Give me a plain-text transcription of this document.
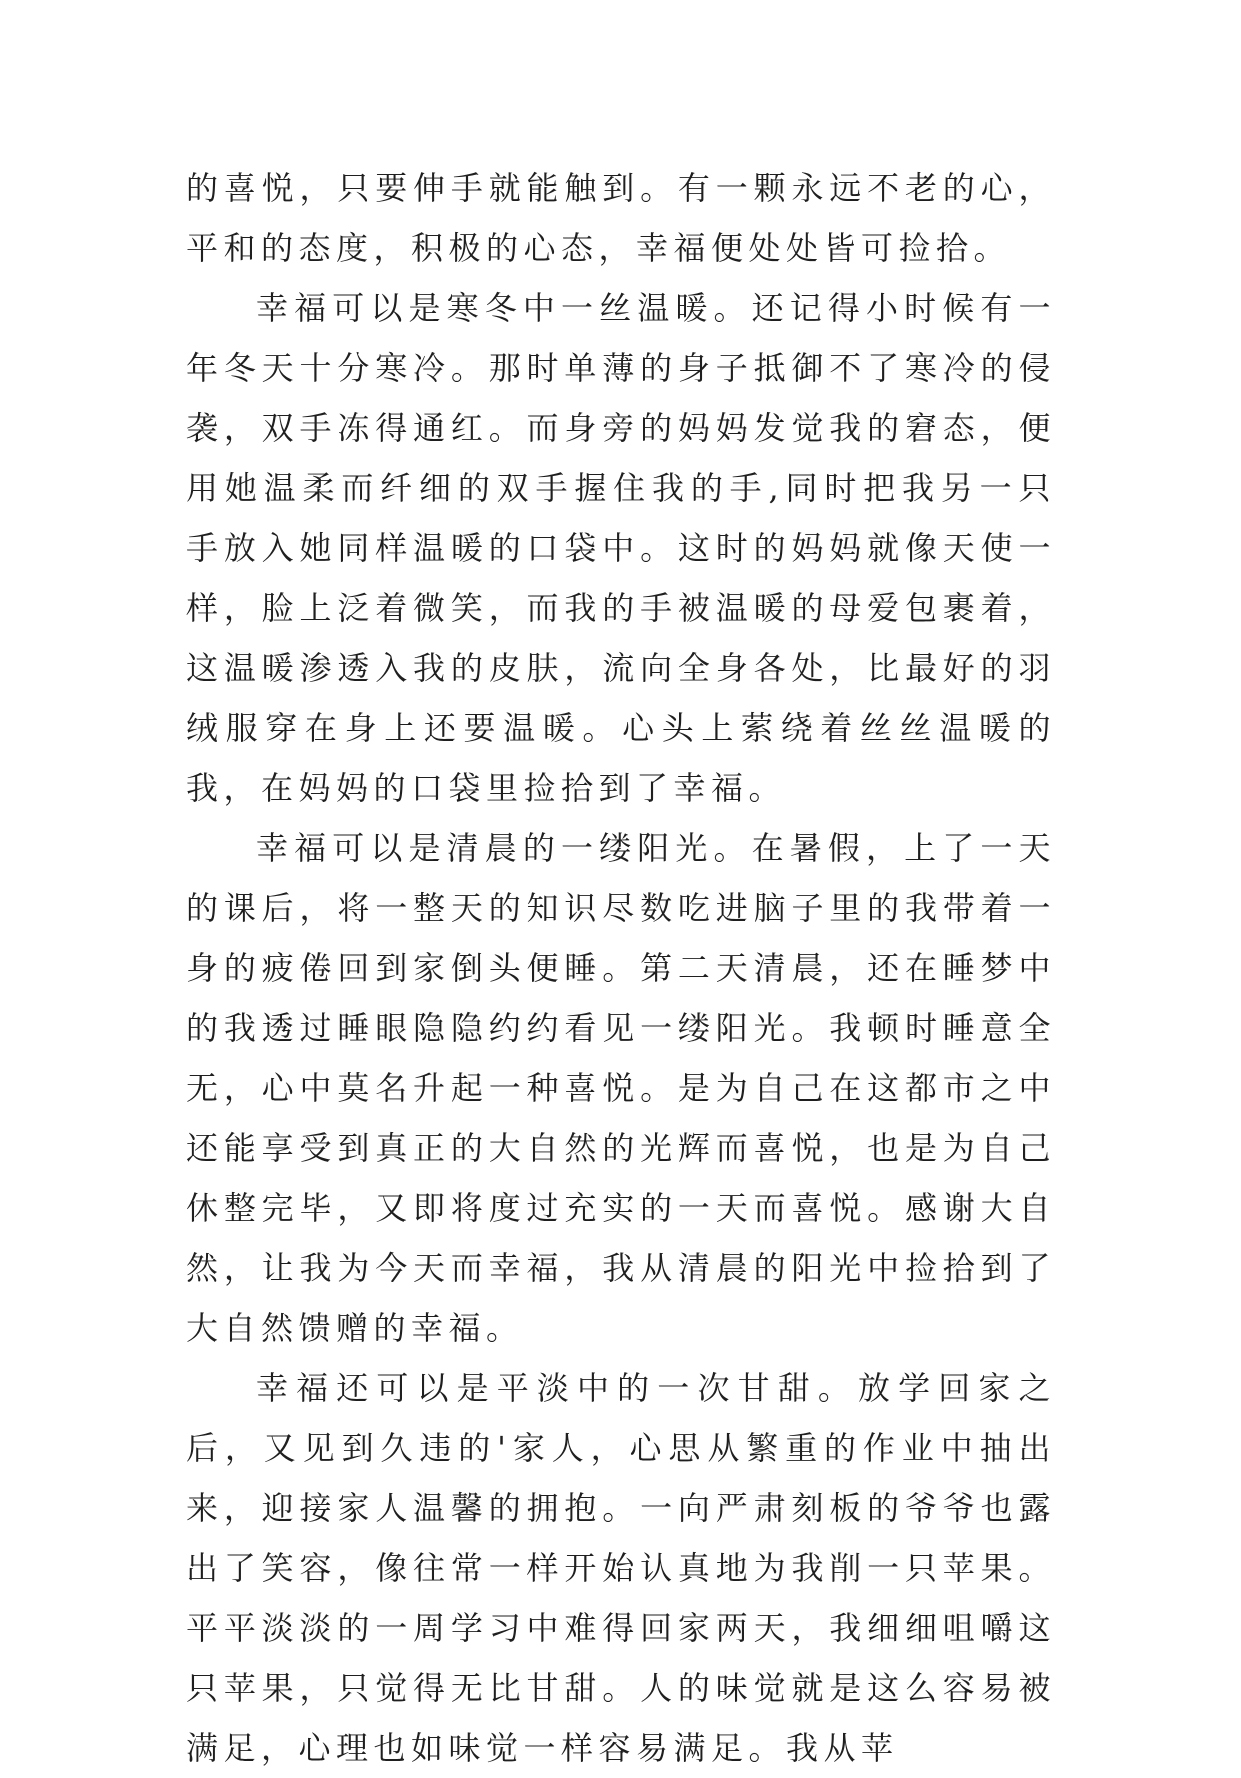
的喜悦，只要伸手就能触到。有一颗永远不老的心，平和的态度，积极的心态，幸福便处处皆可捡拾。

幸福可以是寒冬中一丝温暖。还记得小时候有一年冬天十分寒冷。那时单薄的身子抵御不了寒冷的侵袭，双手冻得通红。而身旁的妈妈发觉我的窘态，便用她温柔而纤细的双手握住我的手,同时把我另一只手放入她同样温暖的口袋中。这时的妈妈就像天使一样，脸上泛着微笑，而我的手被温暖的母爱包裹着，这温暖渗透入我的皮肤，流向全身各处，比最好的羽绒服穿在身上还要温暖。心头上萦绕着丝丝温暖的我，在妈妈的口袋里捡拾到了幸福。

幸福可以是清晨的一缕阳光。在暑假，上了一天的课后，将一整天的知识尽数吃进脑子里的我带着一身的疲倦回到家倒头便睡。第二天清晨，还在睡梦中的我透过睡眼隐隐约约看见一缕阳光。我顿时睡意全无，心中莫名升起一种喜悦。是为自己在这都市之中还能享受到真正的大自然的光辉而喜悦，也是为自己休整完毕，又即将度过充实的一天而喜悦。感谢大自然，让我为今天而幸福，我从清晨的阳光中捡拾到了大自然馈赠的幸福。

幸福还可以是平淡中的一次甘甜。放学回家之后，又见到久违的'家人，心思从繁重的作业中抽出来，迎接家人温馨的拥抱。一向严肃刻板的爷爷也露出了笑容，像往常一样开始认真地为我削一只苹果。平平淡淡的一周学习中难得回家两天，我细细咀嚼这只苹果，只觉得无比甘甜。人的味觉就是这么容易被满足，心理也如味觉一样容易满足。我从苹
